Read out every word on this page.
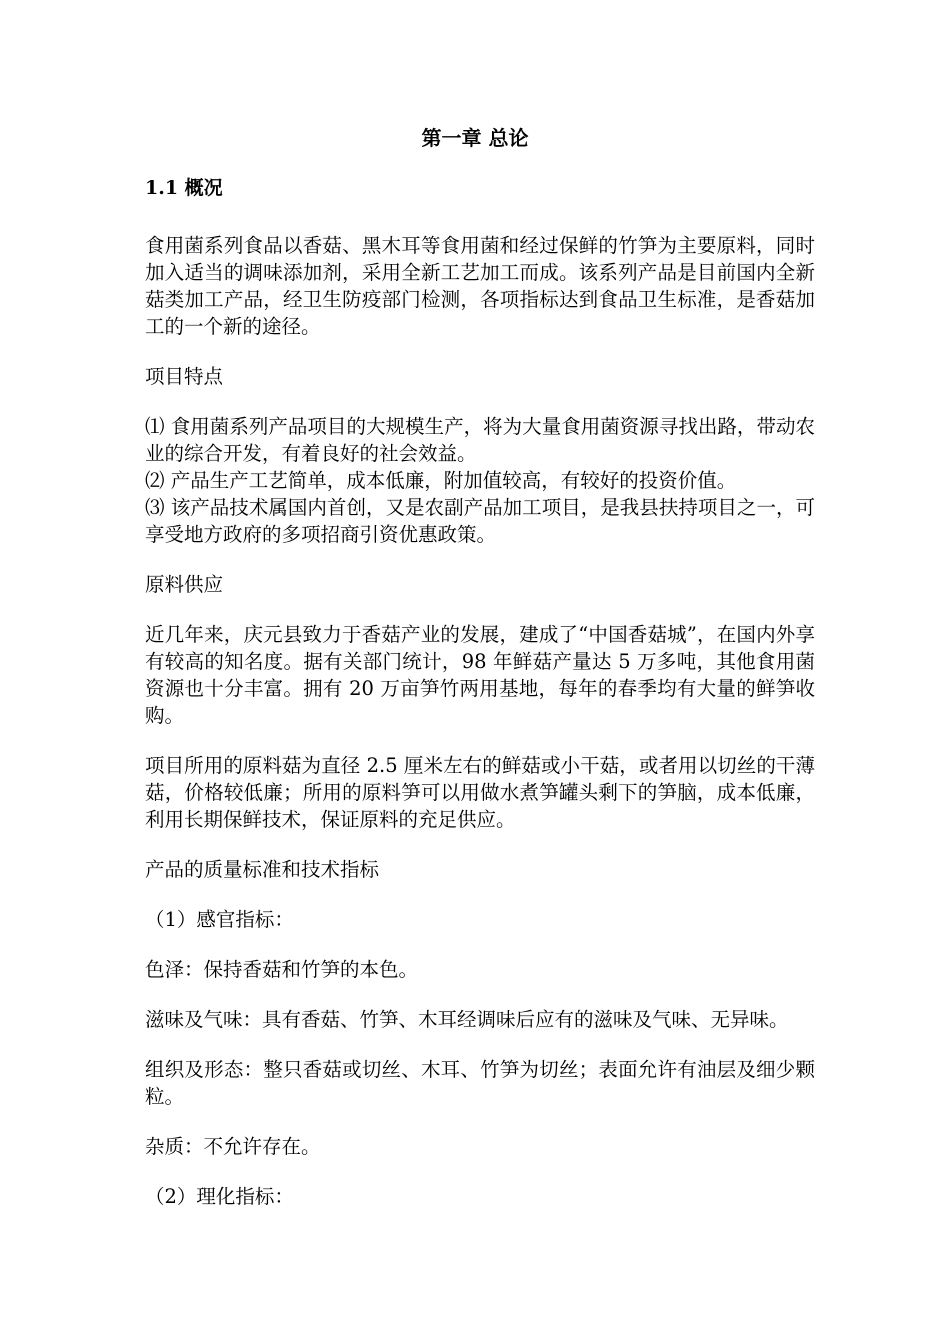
第一章 总论
1.1 概况

食用菌系列食品以香菇、黑木耳等食用菌和经过保鲜的竹笋为主要原料，同时加入适当的调味添加剂，采用全新工艺加工而成。该系列产品是目前国内全新菇类加工产品，经卫生防疫部门检测，各项指标达到食品卫生标准，是香菇加工的一个新的途径。

项目特点

⑴ 食用菌系列产品项目的大规模生产，将为大量食用菌资源寻找出路，带动农业的综合开发，有着良好的社会效益。

⑵ 产品生产工艺简单，成本低廉，附加值较高，有较好的投资价值。

⑶ 该产品技术属国内首创，又是农副产品加工项目，是我县扶持项目之一，可享受地方政府的多项招商引资优惠政策。

原料供应

近几年来，庆元县致力于香菇产业的发展，建成了“中国香菇城”，在国内外享有较高的知名度。据有关部门统计，98 年鲜菇产量达 5 万多吨，其他食用菌资源也十分丰富。拥有 20 万亩笋竹两用基地，每年的春季均有大量的鲜笋收购。

项目所用的原料菇为直径 2.5 厘米左右的鲜菇或小干菇，或者用以切丝的干薄菇，价格较低廉；所用的原料笋可以用做水煮笋罐头剩下的笋脑，成本低廉，利用长期保鲜技术，保证原料的充足供应。

产品的质量标准和技术指标

（1）感官指标：

色泽：保持香菇和竹笋的本色。

滋味及气味：具有香菇、竹笋、木耳经调味后应有的滋味及气味、无异味。

组织及形态：整只香菇或切丝、木耳、竹笋为切丝；表面允许有油层及细少颗粒。

杂质：不允许存在。

（2）理化指标：
